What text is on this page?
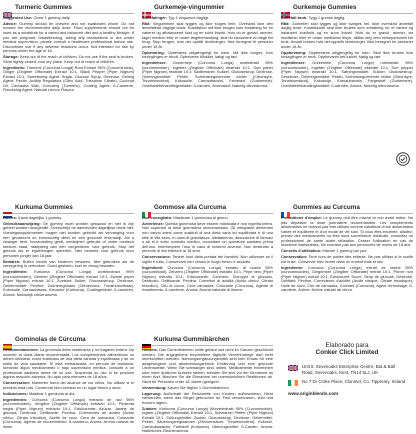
Turmeric Gummies

Suggested Use: Chew 1 gummy daily.

Advice: Gummy should be chewed and not swallowed whole. Do not exceed the recommended daily dose. Food supplements should not be used as a substitute for a varied and balanced diet and a healthy lifestyle. If you are pregnant, breastfeeding, taking any medications or are under medical supervision, please consult a healthcare professional before use. Discontinue use if any adverse reactions occur. Not intended for use by persons under the age of 18.

Storage: Keep out of the reach of children. Do not use if the seal is broken. Store tightly closed, cool dry place. Keep out of reach of children.

Ingredients: Turmeric (Curcuma Longa) Root Extract 95% (Curcuminoids), Ginger (Zingiber Officinale) Extract 10:1, Black Pepper (Piper Nigrum) Extract 10:1, Sweetening Agent: Sugar, Glucose Syrup, Dextrose, Gelling Agent: Pectin, Acidity Regulators (Citric Acid, Trisodium Citrate), Coconut Oil, Carnauba Wax, Colouring (Turmeric), Coating Agent: ß-Carotene, Flavouring Agent: Natural Lemon Flavour.

Gurkemeje-vingummier

Anbefalinger: Tyg 1 vingummi dagligt.

Råd: Vingummien skal tygges og ikke sluges hele. Overskrid ikke den anbefalede daglige dosis. Kosttilskud må ikke bruges som erstatning for en varieret og afbalanceret kost og en sund livsstil. Hvis du er gravid, ammer, tager medicin eller er under lægebehandling, skal du konsultere en læge før brug. Stop brugen, hvis der opstår bivirkninger. Ikke beregnet til personer under 18 år.

Opbevaring: Opbevares utilgængeligt for børn. Må ikke bruges, hvis forseglingen er brudt. Opbevares tillukket, køligt og tørt.

Ingredienser: Gurkemeje (Curcuma Longa) rodekstrakt 95% (curcuminoider), Ingefær (Zingiber Officinale) ekstrakt 10:1, Sort peber (Piper Nigrum) ekstrakt 10:1, Sødemiddel: Sukker, Glukosesirup, Dextrose, Geleringsmiddel: Pektin, Surhedsregulerende midler (Citronsyre, Trinatriumcitrat), Kokosolie, Carnaubavoks, Farvestof (Gurkemeje), Overfladebehandlingsmiddel: ß-caroten, Aromastof: Naturlig citronaroma.

Gurkemoje Gummies

Anbefalt bruk: Tygg 1 gummi daglig.

Råd: Gummien skal tygges og ikke svelges hel. Ikke overskrid anbefalt daglig dose. Kosttilskudd skal ikke brukes som erstatning for et variert og balansert kosthold og en sunn livsstil. Hvis du er gravid, ammer, tar medisiner eller er under medisinsk tilsyn, rådfør deg med helsepersonell før bruk. Avslutt bruken hvis det oppstår bivirkninger. Ikke beregnet for personer under 18 år.

Oppbevaring: Oppbevares utilgjengelig for barn. Skal ikke brukes hvis forseglingen er brutt. Oppbevares tett lukket, kjølig og tørt.

Ingredienser: Gurkemeie (Curcuma Longa) rotekstrakt 95% (curcuminoider), Ingefær (Zingiber Officinale) ekstrakt 10:1, Sort pepper (Piper Nigrum) ekstrakt 10:1, Søtningsmiddel: Sukker, Glukosesirup, Dekstrose, Geleringsmiddel: Pektin, Surhetsregulerende midler (Sitronsyre, Trinatriumsitrat), Kokosolje, Karnaubavoks, Fargestoff (Gurkemeie), Overflatebehandlingsmiddel: ß-karoten, Aroma: Naturlig sitronaroma.

Kurkuma Gummies

Advies: Kauw dagelijks 1 gummy.

Gebruiksaanwijzing: De gummy moet worden gekauwd en niet in zijn geheel worden doorgeslikt. Overschrijd de aanbevolen dagelijkse dosis niet. Voedingssupplementen mogen niet worden gebruikt als vervanging voor een gevarieerd en evenwichtig dieet en een gezonde levensstijl. Als u zwanger bent, borstvoeding geeft, medicijnen gebruikt of onder medisch toezicht staat, raadpleeg dan een zorgverlener voor gebruik. Stop het gebruik als er bijwerkingen optreden. Niet bedoeld voor gebruik door personen jonger dan 18 jaar.

Bewaren: Buiten bereik van kinderen bewaren. Niet gebruiken als de verzegeling is verbroken. Goed gesloten, koel en droog bewaren.

Ingrediënten: Kurkuma (Curcuma Longa) wortelextract 95% (curcuminoiden), Gember (Zingiber Officinale) extract 10:1, Zwarte peper (Piper Nigrum) extract 10:1, Zoetstof: Suiker, Glucosestroop, Dextrose, Geleermiddel: Pectine, Zuurteregelaars (Citroenzuur, Trinatriumcitraat), Kokosolie, Carnaubawas, Kleurstof (Kurkuma), Coatingmiddel: ß-caroteen, Aroma: Natuurlijk citroenaroma.

Gommose alla Curcuma

Uso consigliato: Masticare 1 gommosa al giorno.

Avvertenze: Questa gommosa deve essere masticata e non ingerita intera. Non superare la dose giornaliera raccomandata. Gli integratori alimentari non vanno intesi come sostituti di una dieta varia ed equilibrata e di uno stile di vita sano. In caso di gravidanza, allattamento, assunzione di farmaci o se si è sotto controllo medico, consultare un operatore sanitario prima dell'uso. Interrompere l'uso in caso di reazioni avverse. Non destinato a persone di età inferiore ai 18 anni.

Conservazione: Tenere fuori dalla portata dei bambini. Non utilizzare se il sigillo è rotto. Conservare ben chiuso in luogo fresco e asciutto.

Ingredienti: Curcuma (Curcuma Longa) estratto di radice 95% (curcuminoidi), Zenzero (Zingiber Officinale) estratto 10:1, Pepe nero (Piper Nigrum) estratto 10:1, Edulcorante: Zucchero, Sciroppo di glucosio, Destrosio, Gelificante: Pectina, Correttori di acidità (Acido citrico, Citrato trisodico), Olio di cocco, Cera carnauba, Colorante (Curcuma), Agente di rivestimento: ß-carotene, Aroma: Aroma naturale di limone.

Gummies au Curcuma

Précautions d'emploi: Le gummy doit être mâché et non avalé entier. Ne pas dépasser la dose journalière recommandée. Les compléments alimentaires ne doivent pas être utilisés comme substituts d'une alimentation variée et équilibrée et d'un mode de vie sain. Si vous êtes enceinte, allaitez, prenez des médicaments ou êtes sous surveillance médicale, consultez un professionnel de santé avant utilisation. Cesser l'utilisation en cas de réactions indésirables. Ne convient pas aux personnes de moins de 18 ans.

Conseils d'utilisation: Mâcher 1 gummy par jour.

Conservation: Tenir hors de portée des enfants. Ne pas utiliser si le scellé est brisé. Conserver bien fermé dans un endroit frais et sec.

Ingrédients: Curcuma (Curcuma Longa) extrait de racine 95% (curcuminoïdes), Gingembre (Zingiber Officinale) extrait 10:1, Poivre noir (Piper Nigrum) extrait 10:1, Édulcorant: Sucre, Sirop de glucose, Dextrose, Gélifiant: Pectine, Correcteurs d'acidité (Acide citrique, Citrate trisodique), Huile de coco, Cire de carnauba, Colorant (Curcuma), Agent d'enrobage: ß-carotène, Arôme: Arôme naturel de citron.

Gominolas de Cúrcuma

Recomendaciones: La gominola debe masticarse y no tragarse entera. No exceder la dosis diaria recomendada. Los complementos alimenticios no deben utilizarse como sustitutos de una dieta variada y equilibrada y de un estilo de vida saludable. Si está embarazada, en período de lactancia, tomando algún medicamento o bajo supervisión médica, consulte a un profesional sanitario antes de su uso. Suspenda su uso si se produce alguna reacción adversa. No apto para menores de 18 años.

Conservación: Mantener fuera del alcance de los niños. No utilizar si el precinto está roto. Conservar bien cerrado en un lugar fresco y seco.

Indicaciones: Masticar 1 gominola al día.

Ingredientes: Cúrcuma (Curcuma Longa) extracto de raíz 95% (curcuminoides), Jengibre (Zingiber Officinale) extracto 10:1, Pimienta negra (Piper Nigrum) extracto 10:1, Edulcorante: Azúcar, Jarabe de glucosa, Dextrosa, Gelificante: Pectina, Correctores de acidez (Ácido cítrico, Citrato trisódico), Aceite de coco, Cera de carnauba, Colorante (Cúrcuma), Agente de recubrimiento: ß-caroteno, Aroma: Aroma natural de limón.

Kurkuma Gummibärchen

Hinweis: Das Gummibärchen sollte gekaut und nicht im Ganzen geschluckt werden. Die angegebene empfohlene tägliche Verzehrmenge darf nicht überschritten werden. Nahrungsergänzungsmittel sind kein Ersatz für eine ausgewogene und abwechslungsreiche Ernährung und eine gesunde Lebensweise. Wenn Sie schwanger sind, stillen, Medikamente einnehmen oder unter ärztlicher Aufsicht stehen, wenden Sie sich vor der Einnahme an einen Arzt. Brechen Sie die Einnahme bei unerwünschten Reaktionen ab. Nicht für Personen unter 18 Jahren geeignet.

Verwendung: Kauen Sie täglich 1 Gummibärchen.

Lagerung: Außerhalb der Reichweite von Kindern aufbewahren. Nicht verwenden, wenn das Siegel gebrochen ist. Fest verschlossen, kühl und trocken lagern.

Zutaten: Kurkuma (Curcuma Longa) Wurzelextrakt 95% (Curcuminoide), Ingwer (Zingiber Officinale) Extrakt 10:1, Schwarzer Pfeffer (Piper Nigrum) Extrakt 10:1, Süßungsmittel: Zucker, Glukosesirup, Dextrose, Geliermittel: Pektin, Säuerungsregulatoren (Zitronensäure, Trinatriumcitrat), Kokosöl, Carnaubawachs, Farbstoff (Kurkuma), Überzugsmittel: ß-Carotin, Aroma: Natürliches Zitronenaroma.

Elaborado para
Conker Click Limited
Unit 8, Sevenoaks Enterprise Centre, Bat & Ball Road, Sevenoaks, Kent, TN14 5LJ, UK
No 7 Dr Croke Place, Clonmel, Co. Tipperary, Ireland
www.originblends.com
